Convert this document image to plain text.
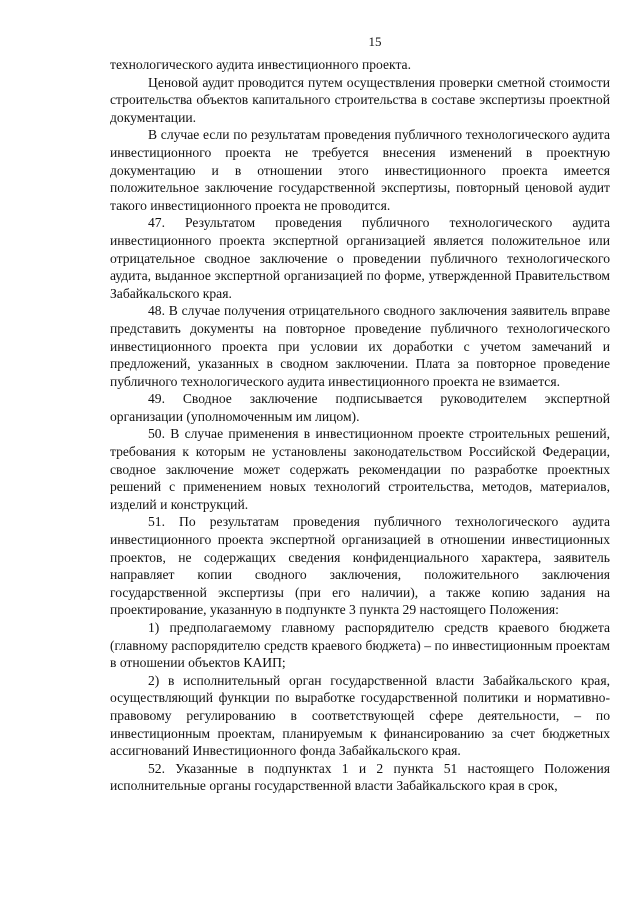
15

технологического аудита инвестиционного проекта.

Ценовой аудит проводится путем осуществления проверки сметной стоимости строительства объектов капитального строительства в составе экспертизы проектной документации.

В случае если по результатам проведения публичного технологического аудита инвестиционного проекта не требуется внесения изменений в проектную документацию и в отношении этого инвестиционного проекта имеется положительное заключение государственной экспертизы, повторный ценовой аудит такого инвестиционного проекта не проводится.

47. Результатом проведения публичного технологического аудита инвестиционного проекта экспертной организацией является положительное или отрицательное сводное заключение о проведении публичного технологического аудита, выданное экспертной организацией по форме, утвержденной Правительством Забайкальского края.

48. В случае получения отрицательного сводного заключения заявитель вправе представить документы на повторное проведение публичного технологического инвестиционного проекта при условии их доработки с учетом замечаний и предложений, указанных в сводном заключении. Плата за повторное проведение публичного технологического аудита инвестиционного проекта не взимается.

49. Сводное заключение подписывается руководителем экспертной организации (уполномоченным им лицом).

50. В случае применения в инвестиционном проекте строительных решений, требования к которым не установлены законодательством Российской Федерации, сводное заключение может содержать рекомендации по разработке проектных решений с применением новых технологий строительства, методов, материалов, изделий и конструкций.

51. По результатам проведения публичного технологического аудита инвестиционного проекта экспертной организацией в отношении инвестиционных проектов, не содержащих сведения конфиденциального характера, заявитель направляет копии сводного заключения, положительного заключения государственной экспертизы (при его наличии), а также копию задания на проектирование, указанную в подпункте 3 пункта 29 настоящего Положения:

1) предполагаемому главному распорядителю средств краевого бюджета (главному распорядителю средств краевого бюджета) – по инвестиционным проектам в отношении объектов КАИП;

2) в исполнительный орган государственной власти Забайкальского края, осуществляющий функции по выработке государственной политики и нормативно-правовому регулированию в соответствующей сфере деятельности, – по инвестиционным проектам, планируемым к финансированию за счет бюджетных ассигнований Инвестиционного фонда Забайкальского края.

52. Указанные в подпунктах 1 и 2 пункта 51 настоящего Положения исполнительные органы государственной власти Забайкальского края в срок,
